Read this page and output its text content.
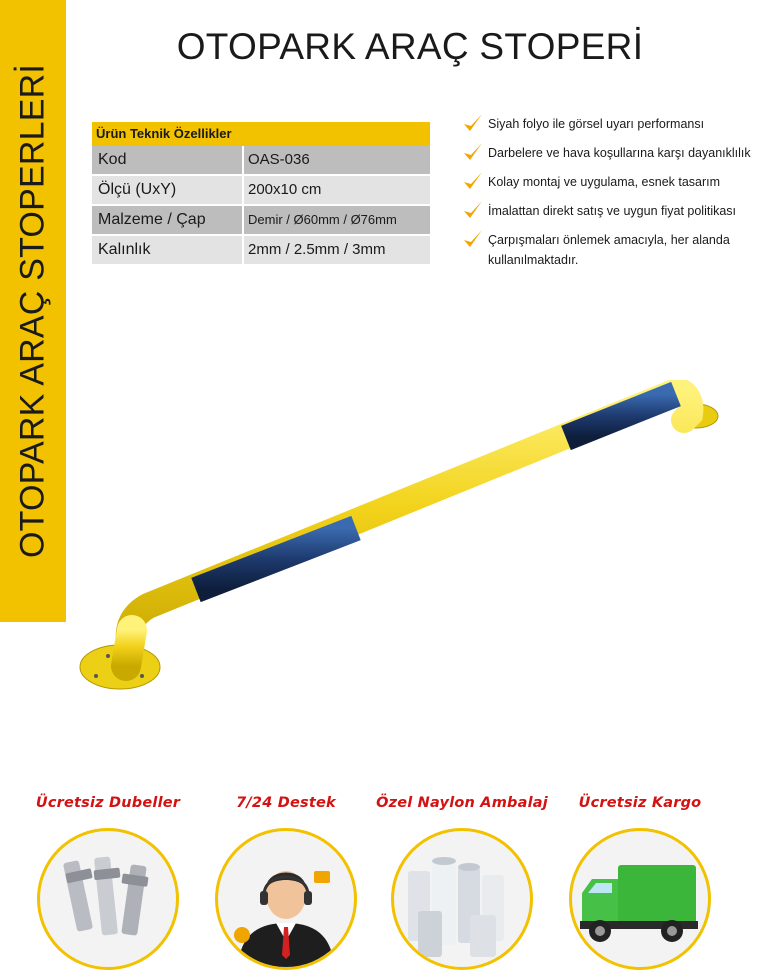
OTOPARK ARAÇ STOPERLERİ
OTOPARK ARAÇ STOPERİ
Ürün Teknik Özellikler
Kod	OAS-036
Ölçü (UxY)	200x10 cm
Malzeme / Çap	Demir / Ø60mm / Ø76mm
Kalınlık	2mm / 2.5mm / 3mm
Siyah folyo ile görsel uyarı performansı
Darbelere ve hava koşullarına karşı dayanıklılık
Kolay montaj ve uygulama, esnek tasarım
İmalattan direkt satış ve uygun fiyat politikası
Çarpışmaları önlemek amacıyla, her alanda kullanılmaktadır.
Ücretsiz Dubeller	7/24 Destek	Özel Naylon Ambalaj	Ücretsiz Kargo
